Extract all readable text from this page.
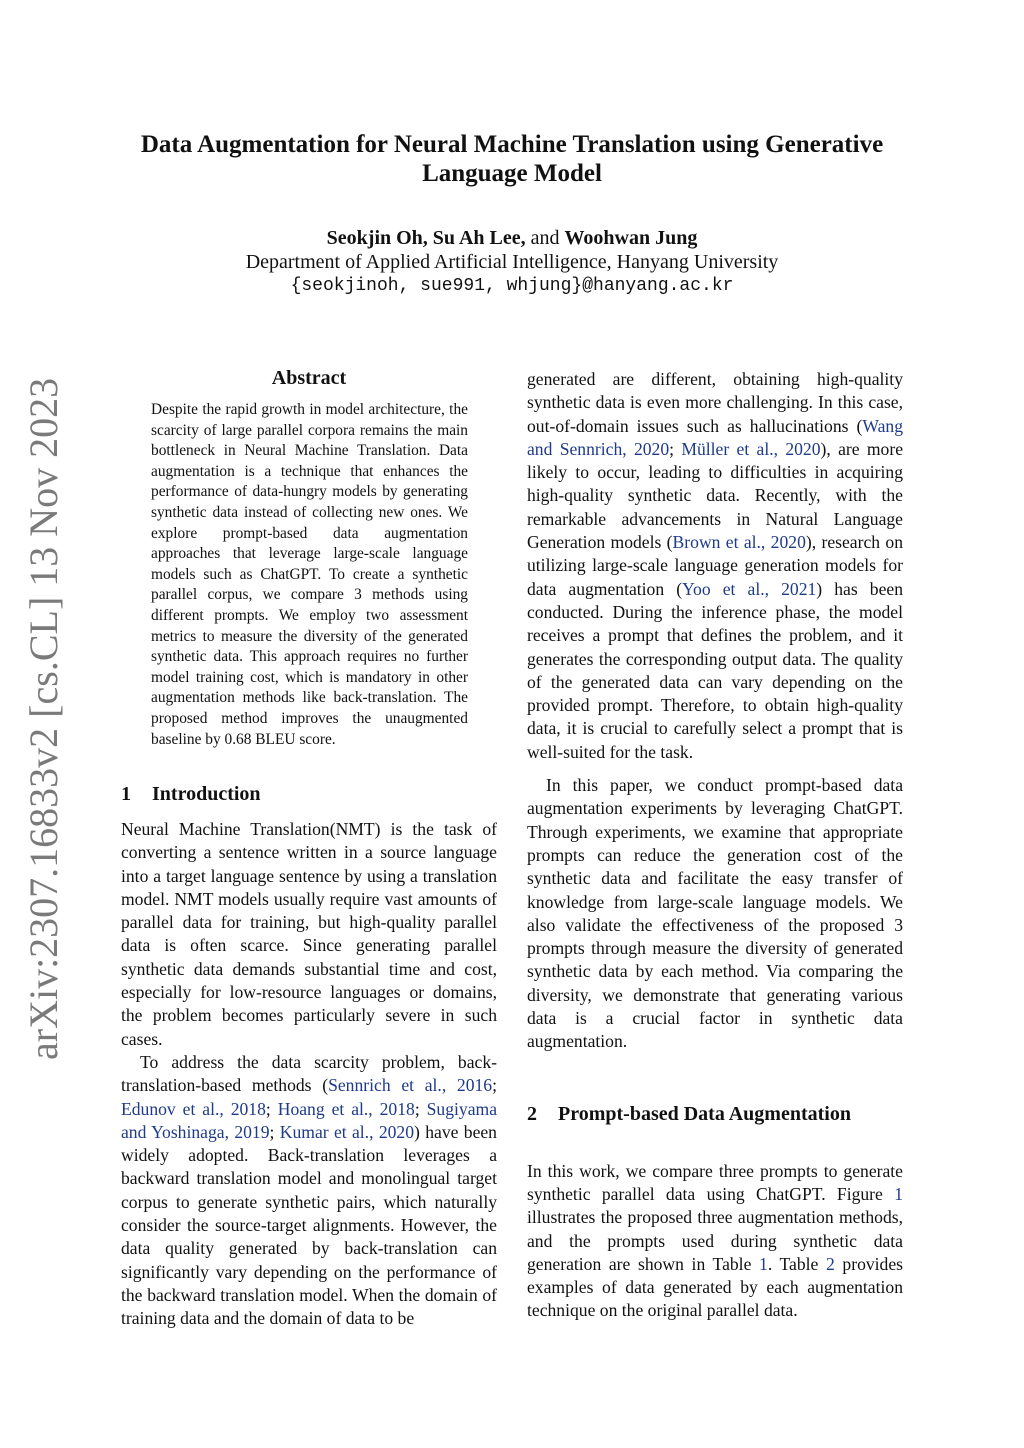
Data Augmentation for Neural Machine Translation using Generative Language Model
Seokjin Oh, Su Ah Lee, and Woohwan Jung
Department of Applied Artificial Intelligence, Hanyang University
{seokjinoh, sue991, whjung}@hanyang.ac.kr
arXiv:2307.16833v2 [cs.CL] 13 Nov 2023	Abstract

Despite the rapid growth in model architecture, the scarcity of large parallel corpora remains the main bottleneck in Neural Machine Translation. Data augmentation is a technique that enhances the performance of data-hungry models by generating synthetic data instead of collecting new ones. We explore prompt-based data augmentation approaches that leverage large-scale language models such as ChatGPT. To create a synthetic parallel corpus, we compare 3 methods using different prompts. We employ two assessment metrics to measure the diversity of the generated synthetic data. This approach requires no further model training cost, which is mandatory in other augmentation methods like back-translation. The proposed method improves the unaugmented baseline by 0.68 BLEU score.

1 Introduction

Neural Machine Translation(NMT) is the task of converting a sentence written in a source language into a target language sentence by using a translation model. NMT models usually require vast amounts of parallel data for training, but high-quality parallel data is often scarce. Since generating parallel synthetic data demands substantial time and cost, especially for low-resource languages or domains, the problem becomes particularly severe in such cases.

To address the data scarcity problem, back-translation-based methods (Sennrich et al., 2016; Edunov et al., 2018; Hoang et al., 2018; Sugiyama and Yoshinaga, 2019; Kumar et al., 2020) have been widely adopted. Back-translation leverages a backward translation model and monolingual target corpus to generate synthetic pairs, which naturally consider the source-target alignments. However, the data quality generated by back-translation can significantly vary depending on the performance of the backward translation model. When the domain of training data and the domain of data to be

generated are different, obtaining high-quality synthetic data is even more challenging. In this case, out-of-domain issues such as hallucinations (Wang and Sennrich, 2020; Müller et al., 2020), are more likely to occur, leading to difficulties in acquiring high-quality synthetic data. Recently, with the remarkable advancements in Natural Language Generation models (Brown et al., 2020), research on utilizing large-scale language generation models for data augmentation (Yoo et al., 2021) has been conducted. During the inference phase, the model receives a prompt that defines the problem, and it generates the corresponding output data. The quality of the generated data can vary depending on the provided prompt. Therefore, to obtain high-quality data, it is crucial to carefully select a prompt that is well-suited for the task.

In this paper, we conduct prompt-based data augmentation experiments by leveraging ChatGPT. Through experiments, we examine that appropriate prompts can reduce the generation cost of the synthetic data and facilitate the easy transfer of knowledge from large-scale language models. We also validate the effectiveness of the proposed 3 prompts through measure the diversity of generated synthetic data by each method. Via comparing the diversity, we demonstrate that generating various data is a crucial factor in synthetic data augmentation.

2 Prompt-based Data Augmentation

In this work, we compare three prompts to generate synthetic parallel data using ChatGPT. Figure 1 illustrates the proposed three augmentation methods, and the prompts used during synthetic data generation are shown in Table 1. Table 2 provides examples of data generated by each augmentation technique on the original parallel data.
